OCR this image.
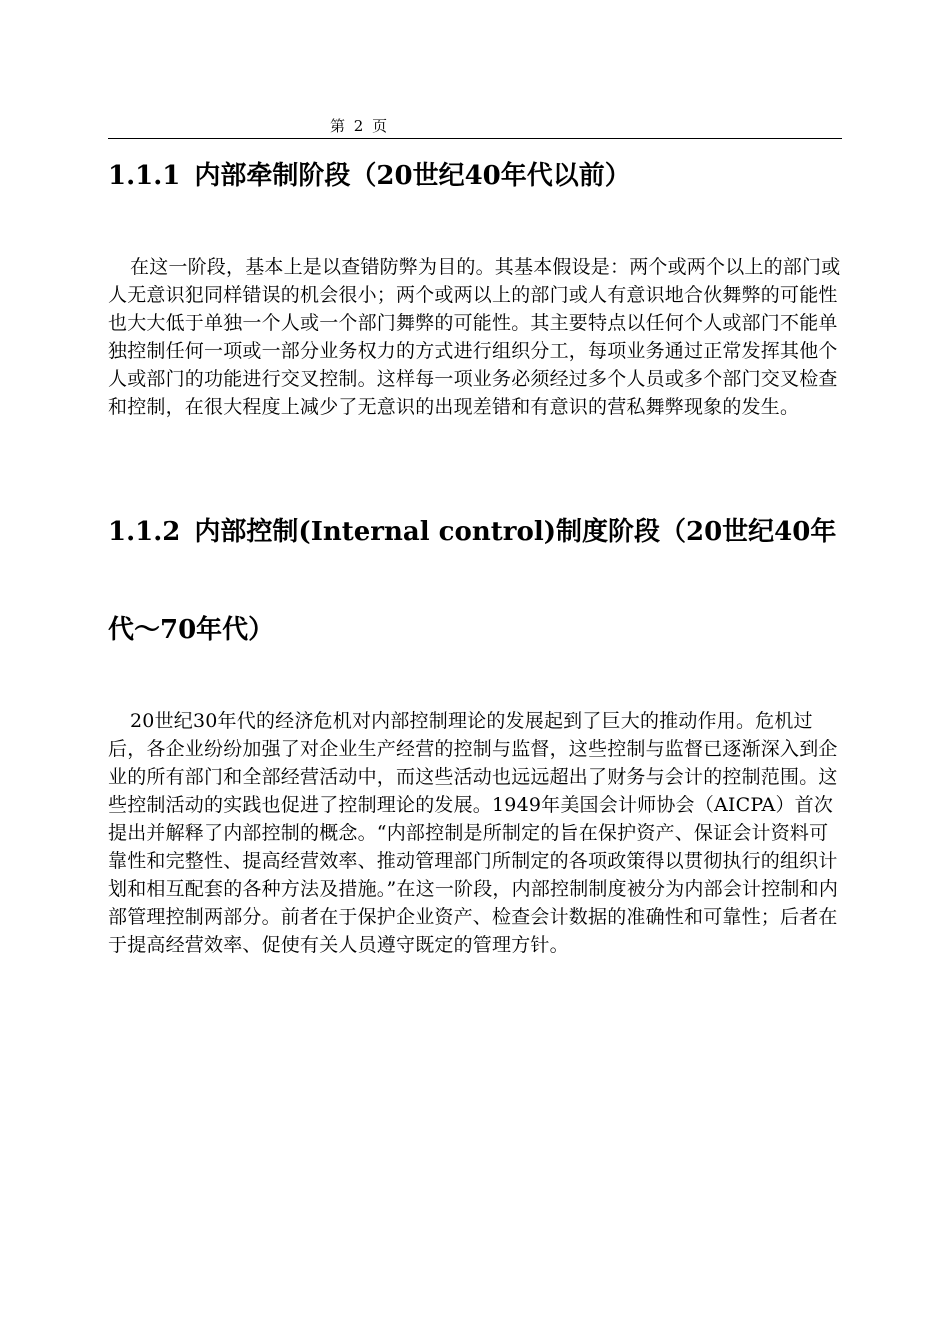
第 2 页
1.1.1 内部牵制阶段（20世纪40年代以前）

在这一阶段，基本上是以查错防弊为目的。其基本假设是：两个或两个以上的部门或人无意识犯同样错误的机会很小；两个或两以上的部门或人有意识地合伙舞弊的可能性也大大低于单独一个人或一个部门舞弊的可能性。其主要特点以任何个人或部门不能单独控制任何一项或一部分业务权力的方式进行组织分工，每项业务通过正常发挥其他个人或部门的功能进行交叉控制。这样每一项业务必须经过多个人员或多个部门交叉检查和控制，在很大程度上减少了无意识的出现差错和有意识的营私舞弊现象的发生。

1.1.2 内部控制(Internal control)制度阶段（20世纪40年
代～70年代）

20世纪30年代的经济危机对内部控制理论的发展起到了巨大的推动作用。危机过后，各企业纷纷加强了对企业生产经营的控制与监督，这些控制与监督已逐渐深入到企业的所有部门和全部经营活动中，而这些活动也远远超出了财务与会计的控制范围。这些控制活动的实践也促进了控制理论的发展。1949年美国会计师协会（AICPA）首次提出并解释了内部控制的概念。“内部控制是所制定的旨在保护资产、保证会计资料可靠性和完整性、提高经营效率、推动管理部门所制定的各项政策得以贯彻执行的组织计划和相互配套的各种方法及措施。”在这一阶段，内部控制制度被分为内部会计控制和内部管理控制两部分。前者在于保护企业资产、检查会计数据的准确性和可靠性；后者在于提高经营效率、促使有关人员遵守既定的管理方针。
